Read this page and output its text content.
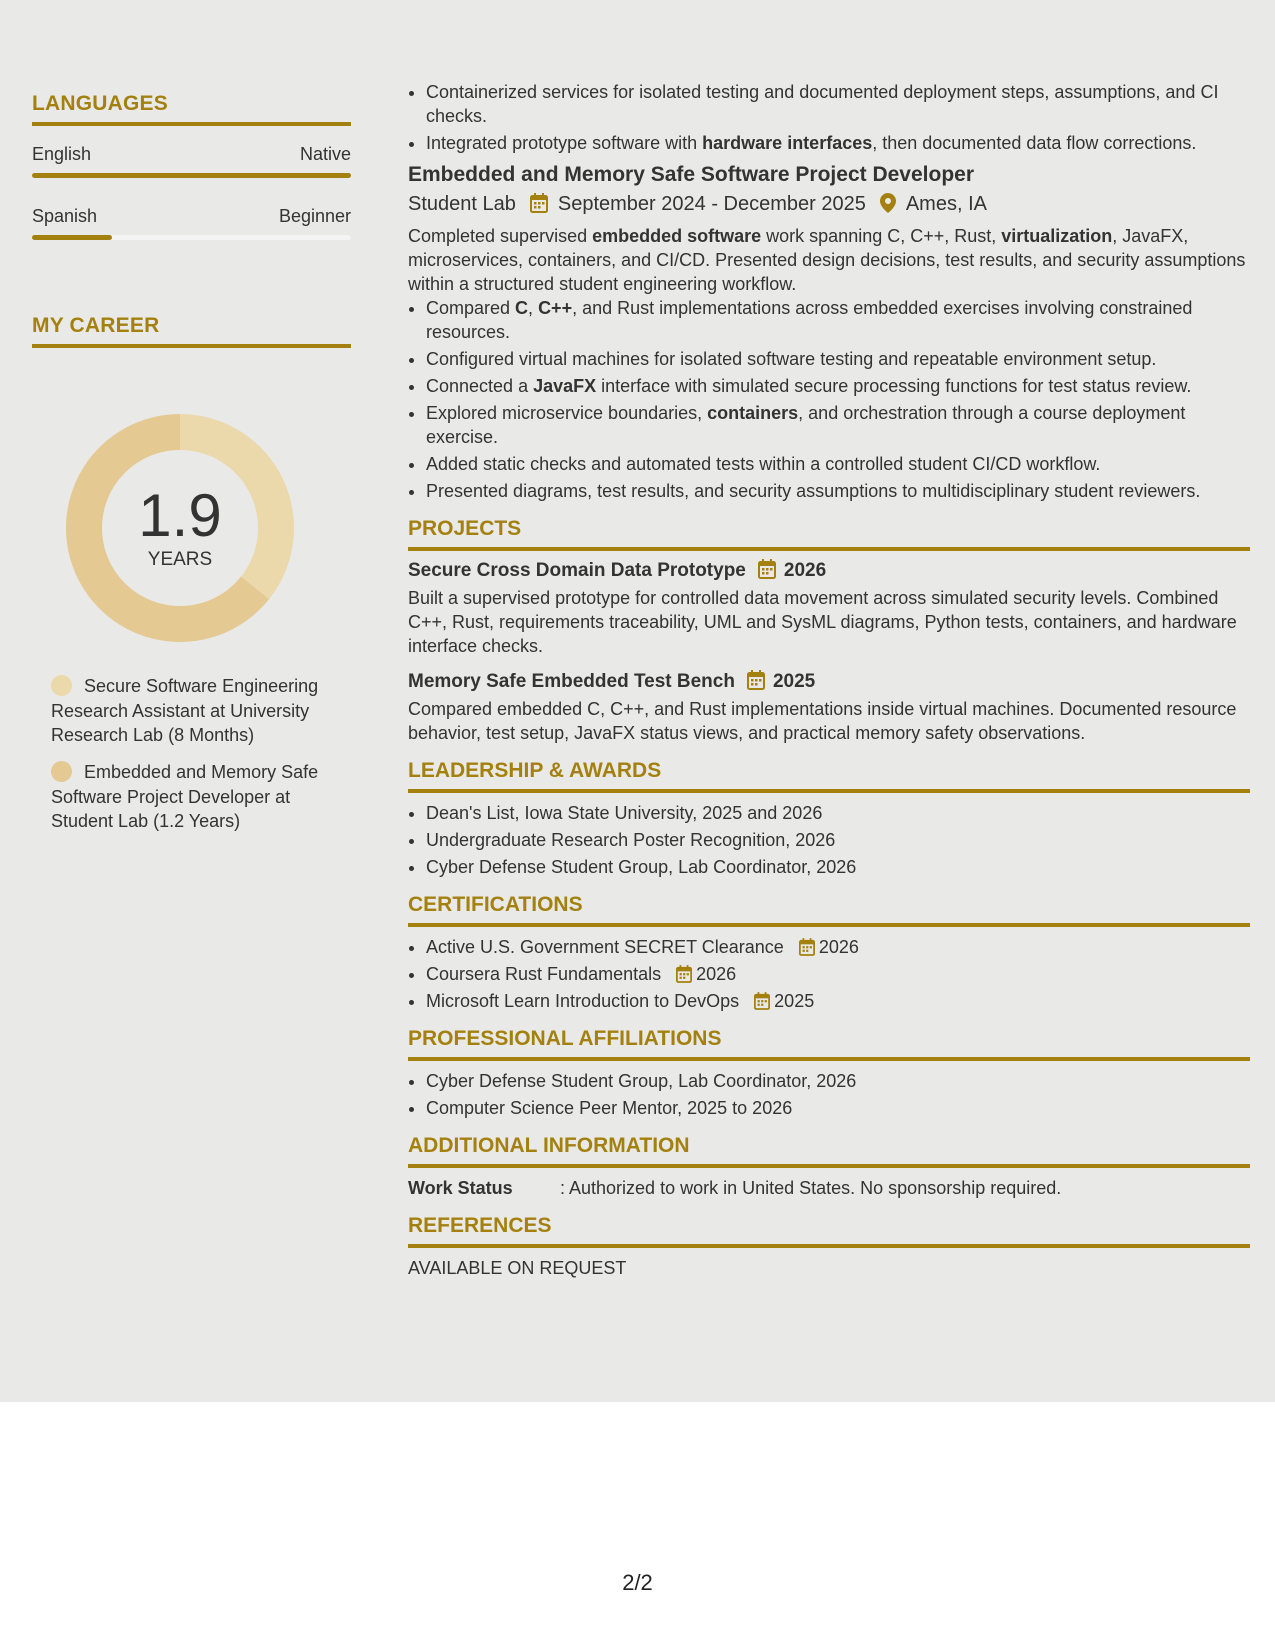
LANGUAGES
English	Native
Spanish	Beginner
MY CAREER
1.9
YEARS
Secure Software Engineering Research Assistant at University Research Lab (8 Months)
Embedded and Memory Safe Software Project Developer at Student Lab (1.2 Years)
• Containerized services for isolated testing and documented deployment steps, assumptions, and CI checks.
• Integrated prototype software with hardware interfaces, then documented data flow corrections.
Embedded and Memory Safe Software Project Developer
Student Lab September 2024 - December 2025 Ames, IA

Completed supervised embedded software work spanning C, C++, Rust, virtualization, JavaFX, microservices, containers, and CI/CD. Presented design decisions, test results, and security assumptions within a structured student engineering workflow.

• Compared C, C++, and Rust implementations across embedded exercises involving constrained resources.
• Configured virtual machines for isolated software testing and repeatable environment setup.
• Connected a JavaFX interface with simulated secure processing functions for test status review.
• Explored microservice boundaries, containers, and orchestration through a course deployment exercise.
• Added static checks and automated tests within a controlled student CI/CD workflow.
• Presented diagrams, test results, and security assumptions to multidisciplinary student reviewers.
PROJECTS
Secure Cross Domain Data Prototype 2026

Built a supervised prototype for controlled data movement across simulated security levels. Combined C++, Rust, requirements traceability, UML and SysML diagrams, Python tests, containers, and hardware interface checks.

Memory Safe Embedded Test Bench 2025

Compared embedded C, C++, and Rust implementations inside virtual machines. Documented resource behavior, test setup, JavaFX status views, and practical memory safety observations.

LEADERSHIP & AWARDS
• Dean's List, Iowa State University, 2025 and 2026
• Undergraduate Research Poster Recognition, 2026
• Cyber Defense Student Group, Lab Coordinator, 2026
CERTIFICATIONS
• Active U.S. Government SECRET Clearance 2026
• Coursera Rust Fundamentals 2026
• Microsoft Learn Introduction to DevOps 2025
PROFESSIONAL AFFILIATIONS
• Cyber Defense Student Group, Lab Coordinator, 2026
• Computer Science Peer Mentor, 2025 to 2026
ADDITIONAL INFORMATION
Work Status	: Authorized to work in United States. No sponsorship required.
REFERENCES

AVAILABLE ON REQUEST

2/2
